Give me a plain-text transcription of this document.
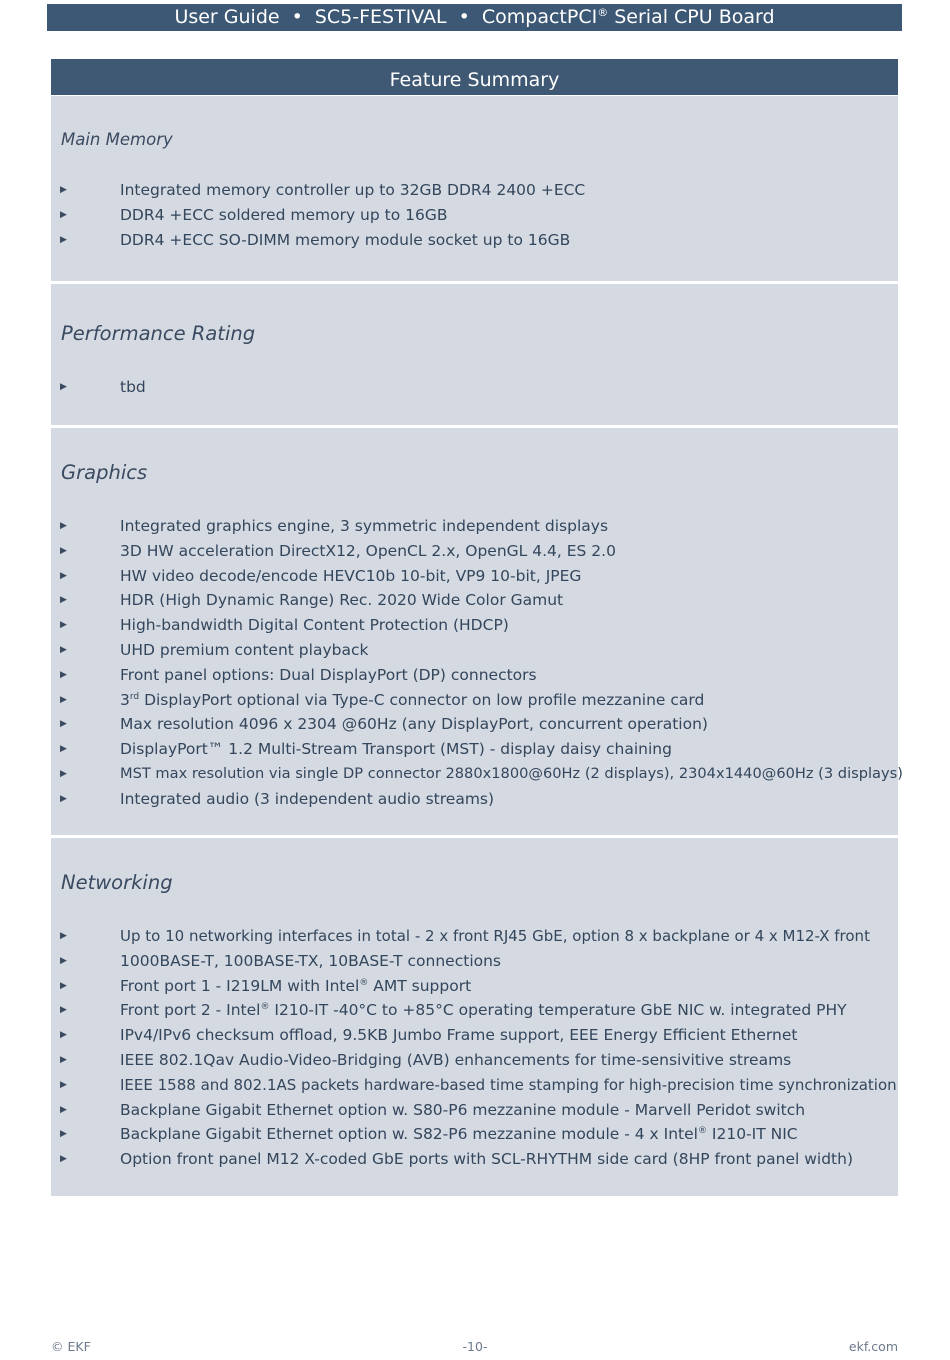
User Guide • SC5-FESTIVAL • CompactPCI® Serial CPU Board
Feature Summary
Main Memory
▶	Integrated memory controller up to 32GB DDR4 2400 +ECC
▶	DDR4 +ECC soldered memory up to 16GB
▶	DDR4 +ECC SO-DIMM memory module socket up to 16GB
Performance Rating
▶	tbd
Graphics
▶	Integrated graphics engine, 3 symmetric independent displays
▶	3D HW acceleration DirectX12, OpenCL 2.x, OpenGL 4.4, ES 2.0
▶	HW video decode/encode HEVC10b 10-bit, VP9 10-bit, JPEG
▶	HDR (High Dynamic Range) Rec. 2020 Wide Color Gamut
▶	High-bandwidth Digital Content Protection (HDCP)
▶	UHD premium content playback
▶	Front panel options: Dual DisplayPort (DP) connectors
▶	3rd DisplayPort optional via Type-C connector on low profile mezzanine card
▶	Max resolution 4096 x 2304 @60Hz (any DisplayPort, concurrent operation)
▶	DisplayPort™ 1.2 Multi-Stream Transport (MST) - display daisy chaining
▶	MST max resolution via single DP connector 2880x1800@60Hz (2 displays), 2304x1440@60Hz (3 displays)
▶	Integrated audio (3 independent audio streams)
Networking
▶	Up to 10 networking interfaces in total - 2 x front RJ45 GbE, option 8 x backplane or 4 x M12-X front
▶	1000BASE-T, 100BASE-TX, 10BASE-T connections
▶	Front port 1 - I219LM with Intel® AMT support
▶	Front port 2 - Intel® I210-IT -40°C to +85°C operating temperature GbE NIC w. integrated PHY
▶	IPv4/IPv6 checksum offload, 9.5KB Jumbo Frame support, EEE Energy Efficient Ethernet
▶	IEEE 802.1Qav Audio-Video-Bridging (AVB) enhancements for time-sensivitive streams
▶	IEEE 1588 and 802.1AS packets hardware-based time stamping for high-precision time synchronization
▶	Backplane Gigabit Ethernet option w. S80-P6 mezzanine module - Marvell Peridot switch
▶	Backplane Gigabit Ethernet option w. S82-P6 mezzanine module - 4 x Intel® I210-IT NIC
▶	Option front panel M12 X-coded GbE ports with SCL-RHYTHM side card (8HP front panel width)
© EKF	-10-	ekf.com
